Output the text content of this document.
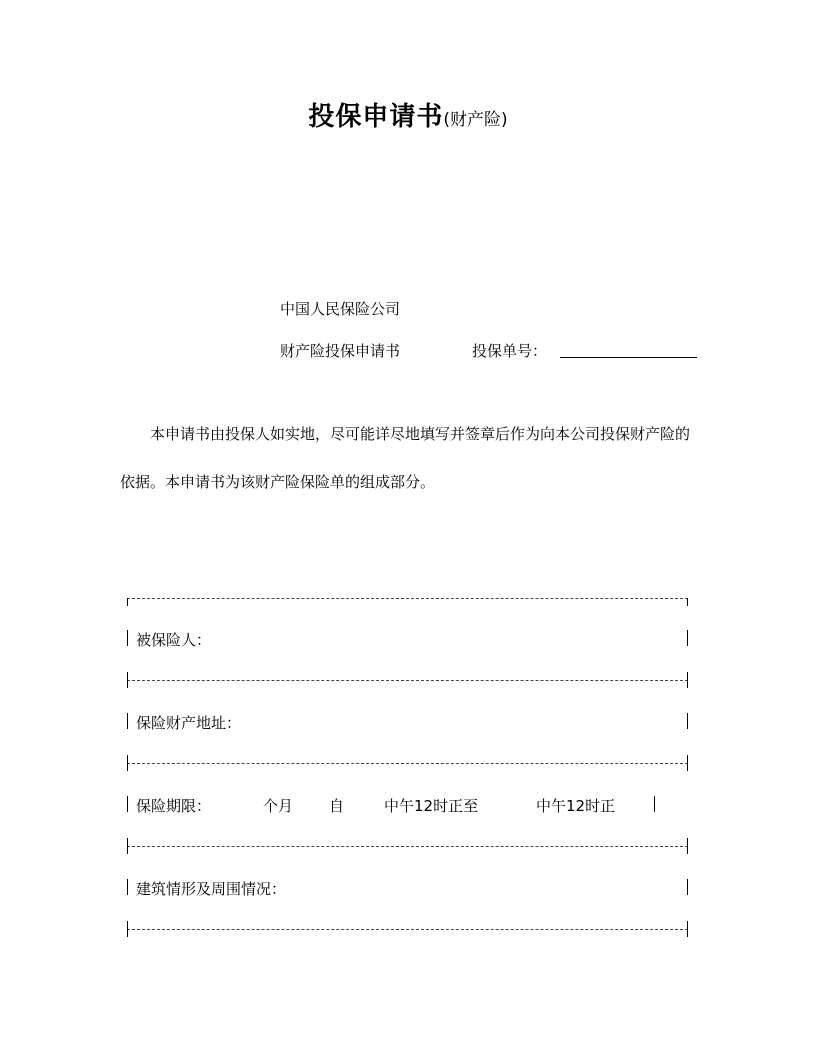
投保申请书(财产险)
中国人民保险公司
财产险投保申请书	投保单号：

本申请书由投保人如实地，尽可能详尽地填写并签章后作为向本公司投保财产险的依据。本申请书为该财产险保险单的组成部分。

被保险人：
保险财产地址：
保险期限：	个月 自	中午12时正至	中午12时正
建筑情形及周围情况：
